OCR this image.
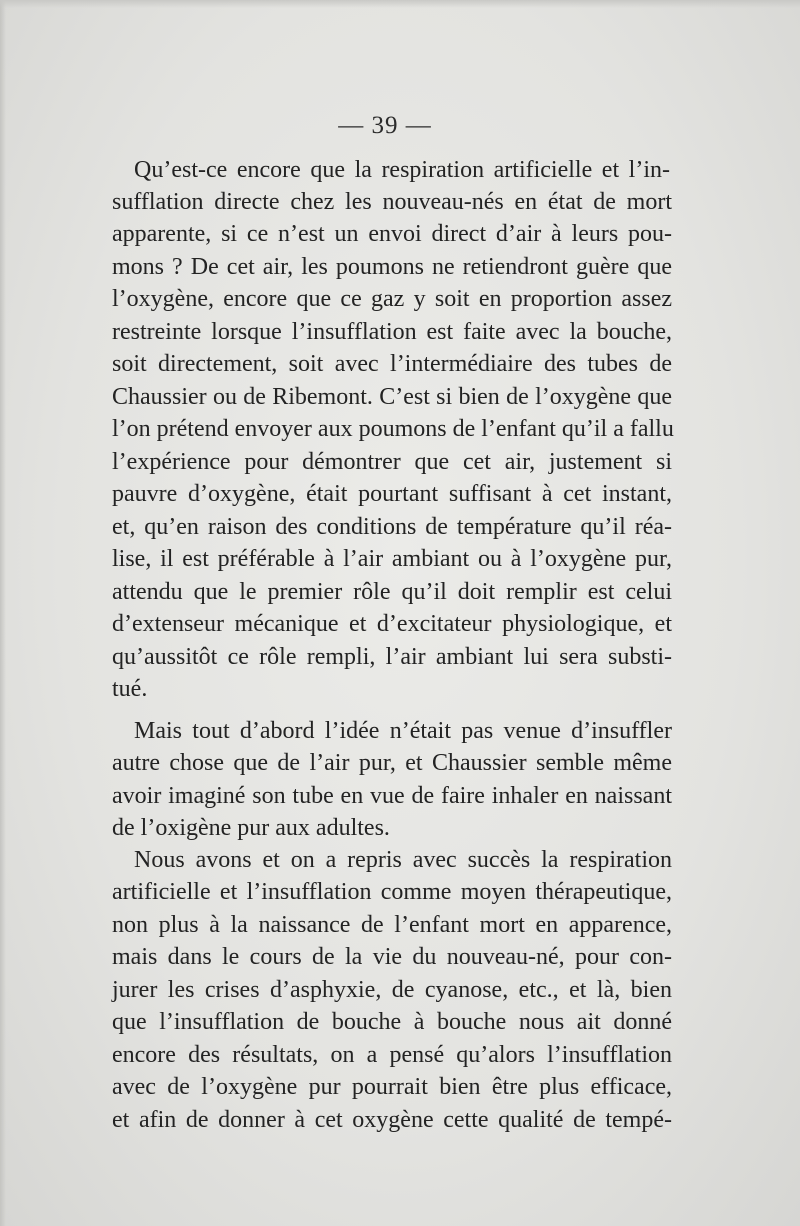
— 39 —
Qu’est-ce encore que la respiration artificielle et l’in-
sufflation directe chez les nouveau-nés en état de mort
apparente, si ce n’est un envoi direct d’air à leurs pou-
mons ? De cet air, les poumons ne retiendront guère que
l’oxygène, encore que ce gaz y soit en proportion assez
restreinte lorsque l’insufflation est faite avec la bouche,
soit directement, soit avec l’intermédiaire des tubes de
Chaussier ou de Ribemont. C’est si bien de l’oxygène que
l’on prétend envoyer aux poumons de l’enfant qu’il a fallu
l’expérience pour démontrer que cet air, justement si
pauvre d’oxygène, était pourtant suffisant à cet instant,
et, qu’en raison des conditions de température qu’il réa-
lise, il est préférable à l’air ambiant ou à l’oxygène pur,
attendu que le premier rôle qu’il doit remplir est celui
d’extenseur mécanique et d’excitateur physiologique, et
qu’aussitôt ce rôle rempli, l’air ambiant lui sera substi-
tué.
Mais tout d’abord l’idée n’était pas venue d’insuffler
autre chose que de l’air pur, et Chaussier semble même
avoir imaginé son tube en vue de faire inhaler en naissant
de l’oxigène pur aux adultes.
Nous avons et on a repris avec succès la respiration
artificielle et l’insufflation comme moyen thérapeutique,
non plus à la naissance de l’enfant mort en apparence,
mais dans le cours de la vie du nouveau-né, pour con-
jurer les crises d’asphyxie, de cyanose, etc., et là, bien
que l’insufflation de bouche à bouche nous ait donné
encore des résultats, on a pensé qu’alors l’insufflation
avec de l’oxygène pur pourrait bien être plus efficace,
et afin de donner à cet oxygène cette qualité de tempé-
